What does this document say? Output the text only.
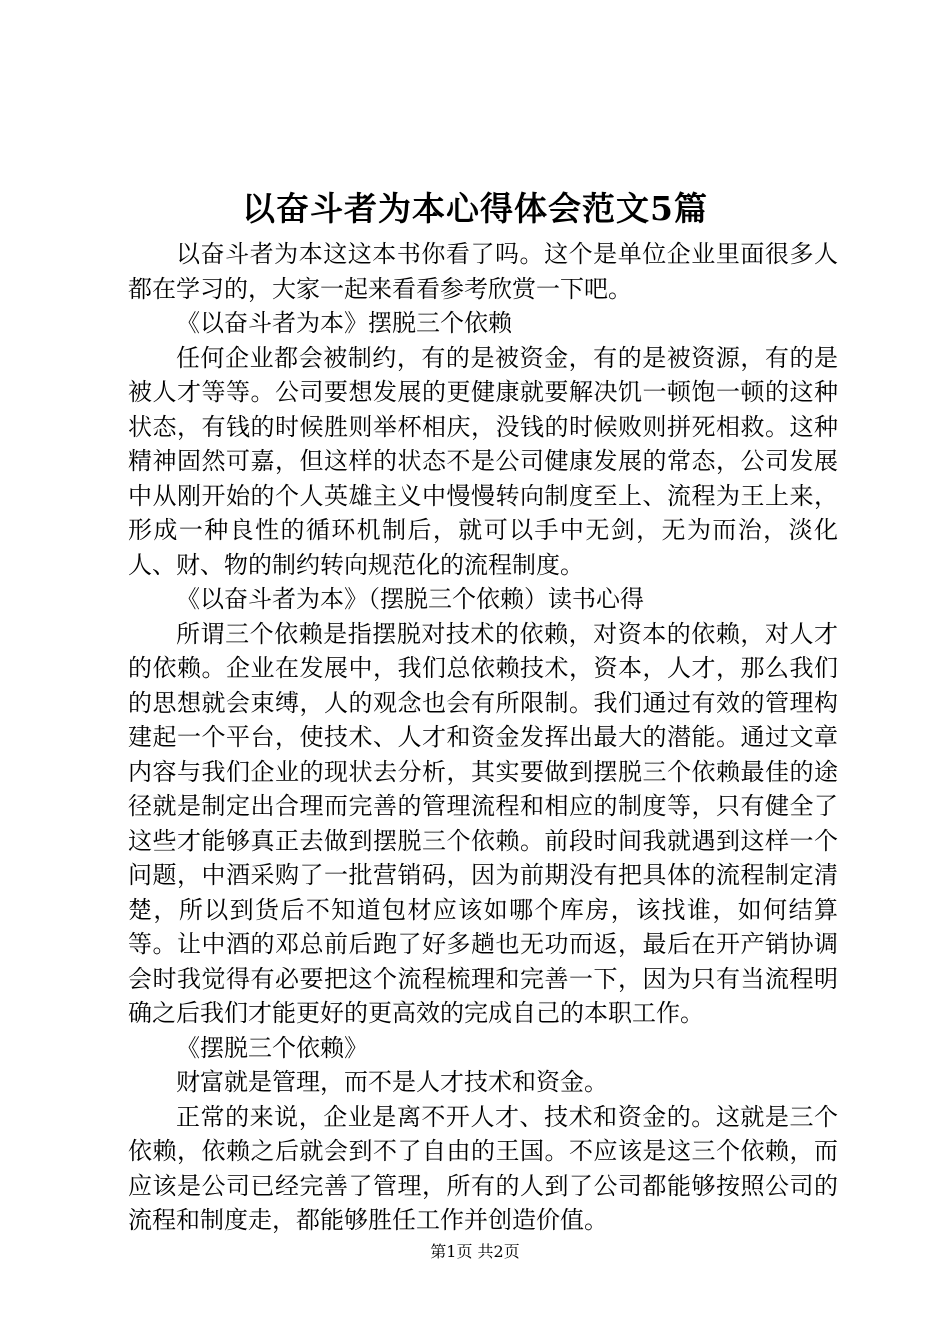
以奋斗者为本心得体会范文5篇

以奋斗者为本这这本书你看了吗。这个是单位企业里面很多人都在学习的，大家一起来看看参考欣赏一下吧。

《以奋斗者为本》摆脱三个依赖

任何企业都会被制约，有的是被资金，有的是被资源，有的是被人才等等。公司要想发展的更健康就要解决饥一顿饱一顿的这种状态，有钱的时候胜则举杯相庆，没钱的时候败则拼死相救。这种精神固然可嘉，但这样的状态不是公司健康发展的常态，公司发展中从刚开始的个人英雄主义中慢慢转向制度至上、流程为王上来，形成一种良性的循环机制后，就可以手中无剑，无为而治，淡化人、财、物的制约转向规范化的流程制度。

《以奋斗者为本》（摆脱三个依赖）读书心得

所谓三个依赖是指摆脱对技术的依赖，对资本的依赖，对人才的依赖。企业在发展中，我们总依赖技术，资本，人才，那么我们的思想就会束缚，人的观念也会有所限制。我们通过有效的管理构建起一个平台，使技术、人才和资金发挥出最大的潜能。通过文章内容与我们企业的现状去分析，其实要做到摆脱三个依赖最佳的途径就是制定出合理而完善的管理流程和相应的制度等，只有健全了这些才能够真正去做到摆脱三个依赖。前段时间我就遇到这样一个问题，中酒采购了一批营销码，因为前期没有把具体的流程制定清楚，所以到货后不知道包材应该如哪个库房，该找谁，如何结算等。让中酒的邓总前后跑了好多趟也无功而返，最后在开产销协调会时我觉得有必要把这个流程梳理和完善一下，因为只有当流程明确之后我们才能更好的更高效的完成自己的本职工作。

《摆脱三个依赖》

财富就是管理，而不是人才技术和资金。

正常的来说，企业是离不开人才、技术和资金的。这就是三个依赖，依赖之后就会到不了自由的王国。不应该是这三个依赖，而应该是公司已经完善了管理，所有的人到了公司都能够按照公司的流程和制度走，都能够胜任工作并创造价值。

第1页 共2页
